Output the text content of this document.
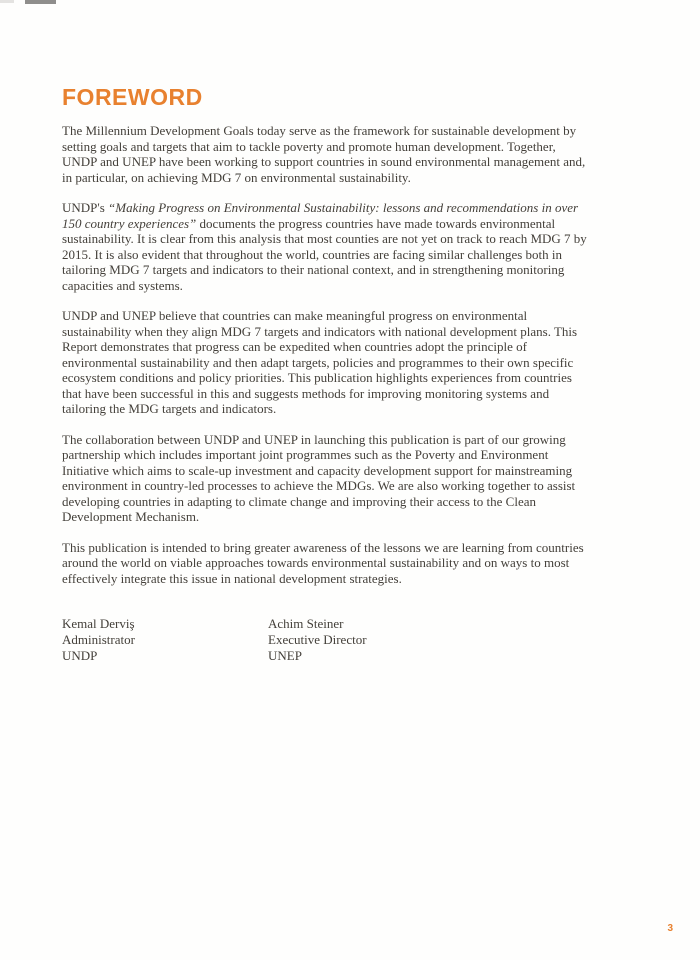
FOREWORD

The Millennium Development Goals today serve as the framework for sustainable development by setting goals and targets that aim to tackle poverty and promote human development. Together, UNDP and UNEP have been working to support countries in sound environmental management and, in particular, on achieving MDG 7 on environmental sustainability.

UNDP's “Making Progress on Environmental Sustainability: lessons and recommendations in over 150 country experiences” documents the progress countries have made towards environmental sustainability. It is clear from this analysis that most counties are not yet on track to reach MDG 7 by 2015. It is also evident that throughout the world, countries are facing similar challenges both in tailoring MDG 7 targets and indicators to their national context, and in strengthening monitoring capacities and systems.

UNDP and UNEP believe that countries can make meaningful progress on environmental sustainability when they align MDG 7 targets and indicators with national development plans. This Report demonstrates that progress can be expedited when countries adopt the principle of environmental sustainability and then adapt targets, policies and programmes to their own specific ecosystem conditions and policy priorities. This publication highlights experiences from countries that have been successful in this and suggests methods for improving monitoring systems and tailoring the MDG targets and indicators.

The collaboration between UNDP and UNEP in launching this publication is part of our growing partnership which includes important joint programmes such as the Poverty and Environment Initiative which aims to scale-up investment and capacity development support for mainstreaming environment in country-led processes to achieve the MDGs. We are also working together to assist developing countries in adapting to climate change and improving their access to the Clean Development Mechanism.

This publication is intended to bring greater awareness of the lessons we are learning from countries around the world on viable approaches towards environmental sustainability and on ways to most effectively integrate this issue in national development strategies.

Kemal Derviş
Administrator
UNDP
Achim Steiner
Executive Director
UNEP
3
